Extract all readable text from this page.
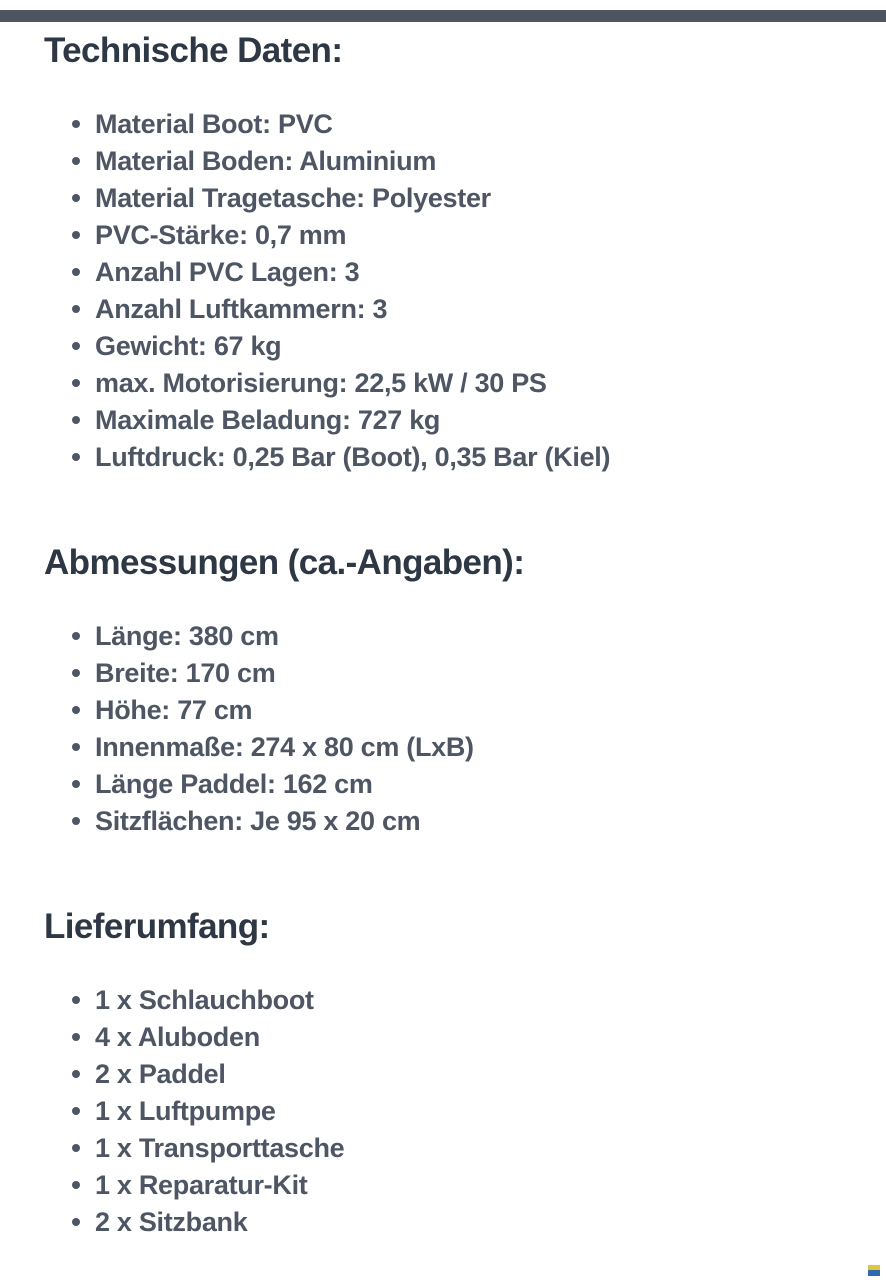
Technische Daten:
Material Boot: PVC
Material Boden: Aluminium
Material Tragetasche: Polyester
PVC-Stärke: 0,7 mm
Anzahl PVC Lagen: 3
Anzahl Luftkammern: 3
Gewicht: 67 kg
max. Motorisierung: 22,5 kW / 30 PS
Maximale Beladung: 727 kg
Luftdruck: 0,25 Bar (Boot), 0,35 Bar (Kiel)
Abmessungen (ca.-Angaben):
Länge: 380 cm
Breite: 170 cm
Höhe: 77 cm
Innenmaße: 274 x 80 cm (LxB)
Länge Paddel: 162 cm
Sitzflächen: Je 95 x 20 cm
Lieferumfang:
1 x Schlauchboot
4 x Aluboden
2 x Paddel
1 x Luftpumpe
1 x Transporttasche
1 x Reparatur-Kit
2 x Sitzbank
